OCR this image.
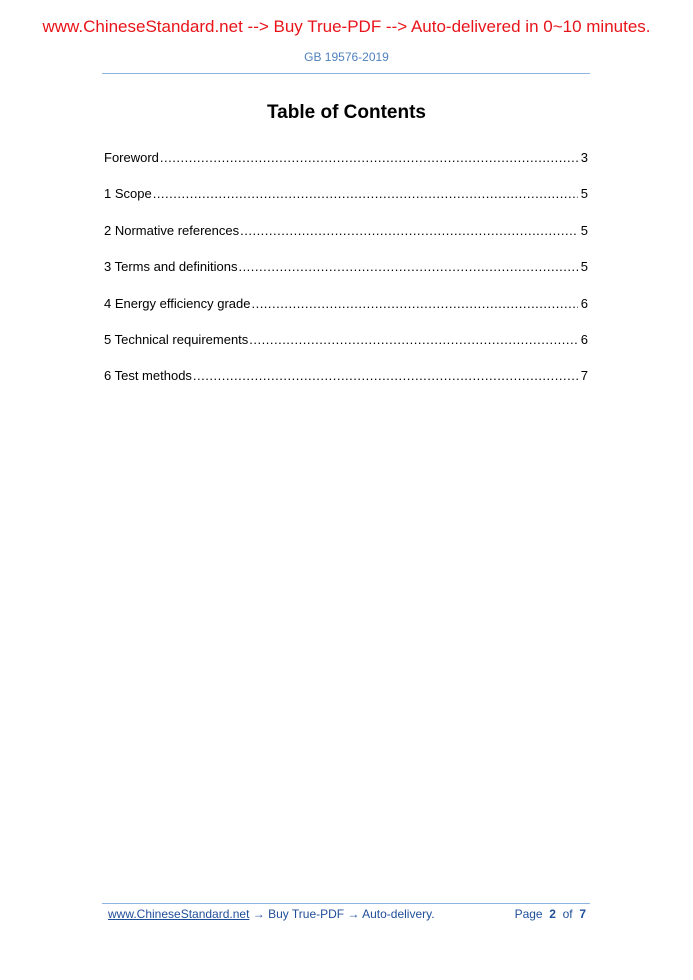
www.ChineseStandard.net --> Buy True-PDF --> Auto-delivered in 0~10 minutes.
GB 19576-2019
Table of Contents
Foreword .....	3
1 Scope .....	5
2 Normative references .....	5
3 Terms and definitions .....	5
4 Energy efficiency grade .....	6
5 Technical requirements .....	6
6 Test methods .....	7
www.ChineseStandard.net → Buy True-PDF → Auto-delivery.	Page 2 of 7
